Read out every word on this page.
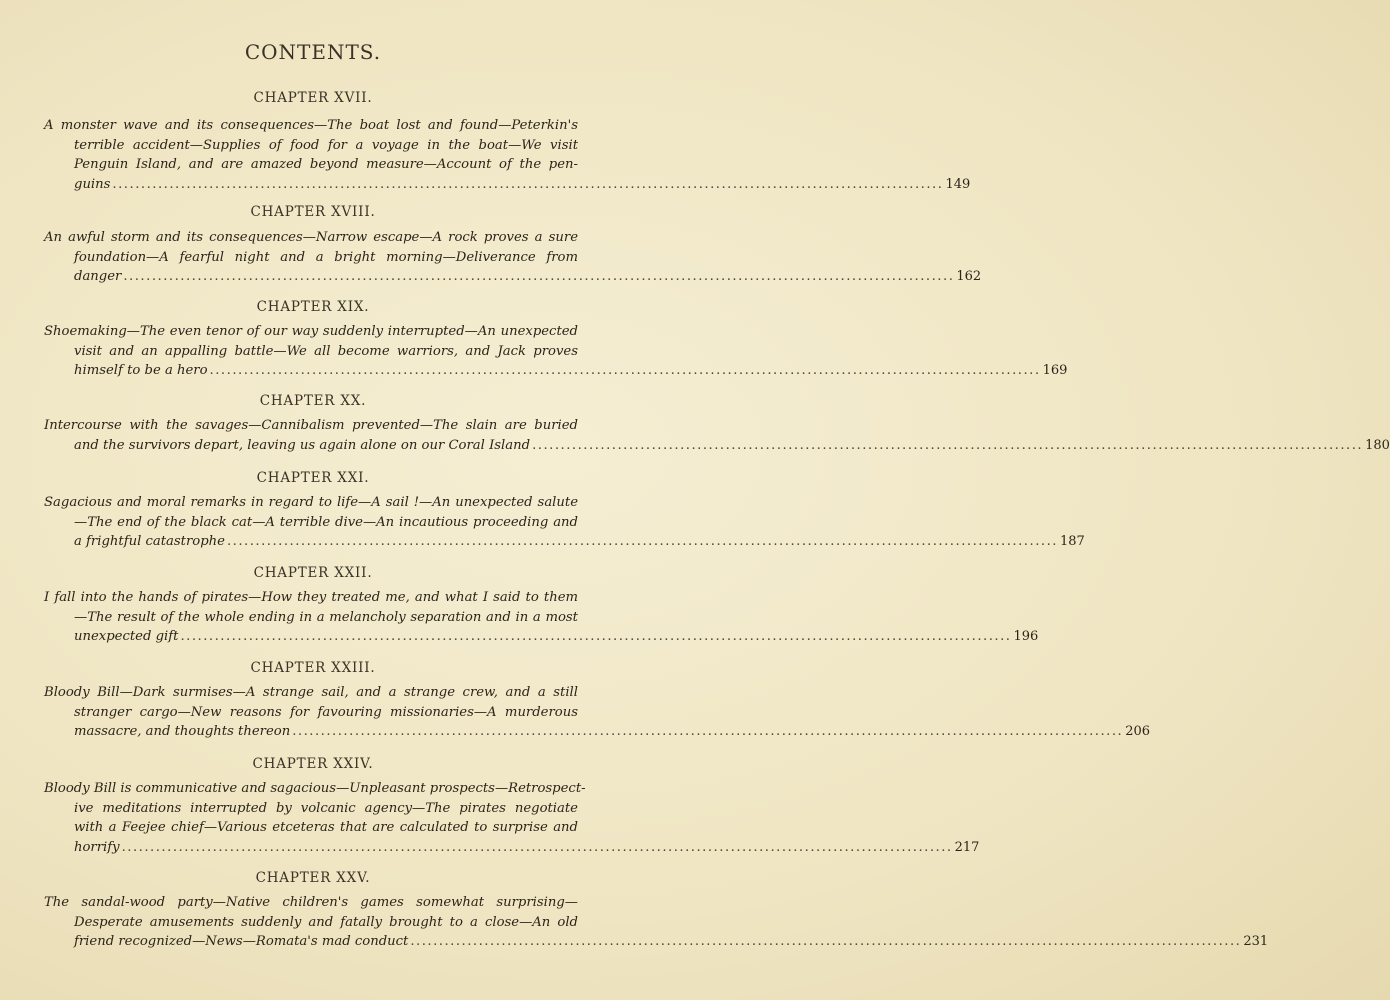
CONTENTS.
CHAPTER XVII.
A monster wave and its consequences—The boat lost and found—Peterkin's
terrible accident—Supplies of food for a voyage in the boat—We visit
Penguin Island, and are amazed beyond measure—Account of the pen-
guins .................................................................................................................................................. 149
CHAPTER XVIII.
An awful storm and its consequences—Narrow escape—A rock proves a sure
foundation—A fearful night and a bright morning—Deliverance from
danger .................................................................................................................................................. 162
CHAPTER XIX.
Shoemaking—The even tenor of our way suddenly interrupted—An unexpected
visit and an appalling battle—We all become warriors, and Jack proves
himself to be a hero .................................................................................................................................................. 169
CHAPTER XX.
Intercourse with the savages—Cannibalism prevented—The slain are buried
and the survivors depart, leaving us again alone on our Coral Island .................................................................................................................................................. 180
CHAPTER XXI.
Sagacious and moral remarks in regard to life—A sail !—An unexpected salute
—The end of the black cat—A terrible dive—An incautious proceeding and
a frightful catastrophe .................................................................................................................................................. 187
CHAPTER XXII.
I fall into the hands of pirates—How they treated me, and what I said to them
—The result of the whole ending in a melancholy separation and in a most
unexpected gift .................................................................................................................................................. 196
CHAPTER XXIII.
Bloody Bill—Dark surmises—A strange sail, and a strange crew, and a still
stranger cargo—New reasons for favouring missionaries—A murderous
massacre, and thoughts thereon .................................................................................................................................................. 206
CHAPTER XXIV.
Bloody Bill is communicative and sagacious—Unpleasant prospects—Retrospect-
ive meditations interrupted by volcanic agency—The pirates negotiate
with a Feejee chief—Various etceteras that are calculated to surprise and
horrify .................................................................................................................................................. 217
CHAPTER XXV.
The sandal-wood party—Native children's games somewhat surprising—
Desperate amusements suddenly and fatally brought to a close—An old
friend recognized—News—Romata's mad conduct .................................................................................................................................................. 231
